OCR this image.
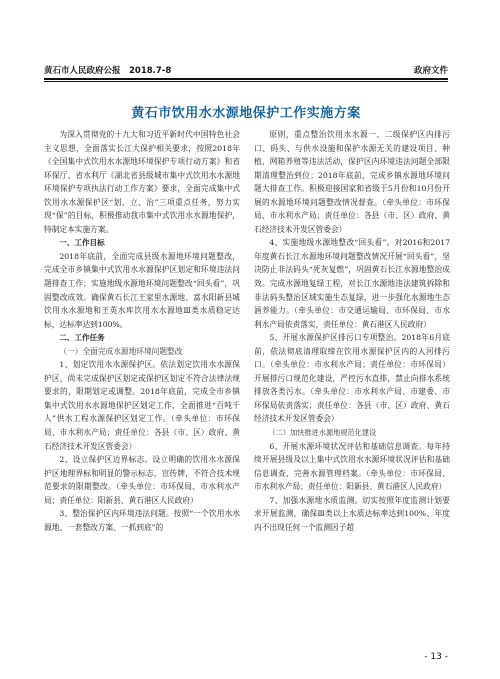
黄石市人民政府公报　2018.7-8	政府文件
黄石市饮用水水源地保护工作实施方案

为深入贯彻党的十九大和习近平新时代中国特色社会主义思想，全面落实长江大保护相关要求，按照2018年《全国集中式饮用水水源地环境保护专项行动方案》和省环保厅、省水利厅《湖北省县级城市集中式饮用水水源地环境保护专项执法行动工作方案》要求，全面完成集中式饮用水水源保护区“划、立、治”三项重点任务，努力实现“保”的目标，积极推动我市集中式饮用水水源地保护，特制定本实施方案。

一、工作目标

2018年底前，全面完成县级水源地环境问题整改，完成全市乡镇集中式饮用水水源保护区划定和环境违法问题排查工作；实施地级水源地环境问题整改“回头看”，巩固整改成效。确保黄石长江王家里水源地、富水阳新县城饮用水水源地和王英水库饮用水水源地Ⅲ类水质稳定达标，达标率达到100%。

二、工作任务

（一）全面完成水源地环境问题整改

1、划定饮用水水源保护区。依法划定饮用水水源保护区，尚未完成保护区划定或保护区划定不符合法律法规要求的，限期划定或调整。2018年底前，完成全市乡镇集中式饮用水水源地保护区划定工作，全面推进“百吨千人”供水工程水源保护区划定工作。（牵头单位：市环保局、市水利水产局；责任单位：各县（市、区）政府、黄石经济技术开发区管委会）

2、设立保护区边界标志。设立明确的饮用水水源保护区地理界标和明显的警示标志，宣传牌，不符合技术规范要求的限期整改。（牵头单位：市环保局、市水利水产局；责任单位：阳新县、黄石港区人民政府）

3、整治保护区内环境违法问题。按照“一个饮用水水源地、一套整改方案、一抓到底”的

原则，重点整治饮用水水源一、二级保护区内排污口、码头、与供水设施和保护水源无关的建设项目、种植、网箱养殖等违法活动，保护区内环境违法问题全部限期清理整治到位；2018年底前，完成乡镇水源地环境问题大排查工作。积极迎接国家和省级于5月份和10月份开展的水源地环境问题整改情况督查。（牵头单位：市环保局、市水利水产局；责任单位：各县（市、区）政府、黄石经济技术开发区管委会）

4、实施地级水源地整改“回头看”。对2016和2017年度黄石长江水源地环境问题整改情况开展“回头看”，坚决防止非法码头“死灰复燃”，巩固黄石长江水源地整治成效。完成水源地复绿工程，对长江水源地违法建筑拆除和非法码头整治区域实施生态复绿，进一步强化水源地生态涵养能力。（牵头单位：市交通运输局、市环保局、市水利水产局依责落实，责任单位：黄石港区人民政府）

5、开展水源保护区排污口专项整治。2018年6月底前，依法彻底清理取缔在饮用水源保护区内的入河排污口。（牵头单位：市水利水产局；责任单位：市环保局）开展排污口规范化建设，严控污水直排，禁止向排水系统排放各类污水。（牵头单位：市水利水产局、市建委、市环保局依责落实；责任单位：各县（市、区）政府、黄石经济技术开发区管委会）

（二）加快推进水源地规范化建设

6、开展水源环境状况评估和基础信息调查。每年持续开展县级及以上集中式饮用水水源环境状况评估和基础信息调查，完善水源管理档案。（牵头单位：市环保局、市水利水产局；责任单位：阳新县、黄石港区人民政府）

7、加强水源地水质监测。切实按照年度监测计划要求开展监测，确保Ⅲ类以上水质达标率达到100%、年度内不出现任何一个监测因子超

- 13 -
